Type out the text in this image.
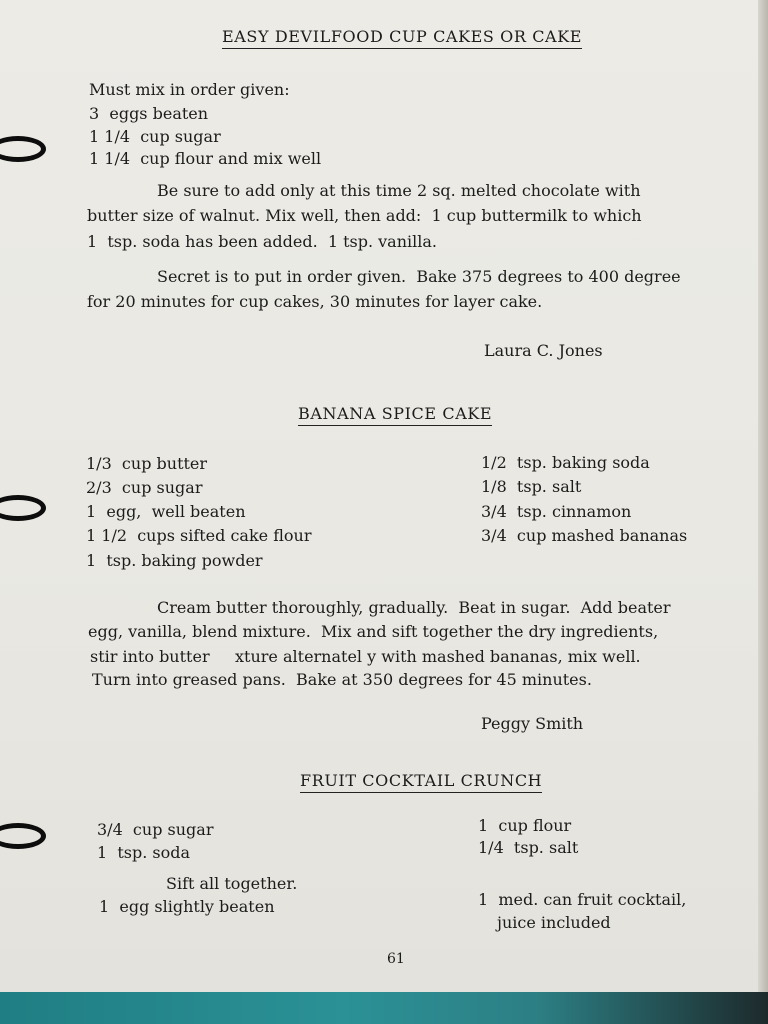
EASY DEVILFOOD CUP CAKES OR CAKE
Must mix in order given:
3  eggs beaten
1 1/4  cup sugar
1 1/4  cup flour and mix well
Be sure to add only at this time 2 sq. melted chocolate with
butter size of walnut. Mix well, then add:  1 cup buttermilk to which
1  tsp. soda has been added.  1 tsp. vanilla.
Secret is to put in order given.  Bake 375 degrees to 400 degree
for 20 minutes for cup cakes, 30 minutes for layer cake.
Laura C. Jones
BANANA SPICE CAKE
1/3  cup butter
2/3  cup sugar
1  egg,  well beaten
1 1/2  cups sifted cake flour
1  tsp. baking powder
1/2  tsp. baking soda
1/8  tsp. salt
3/4  tsp. cinnamon
3/4  cup mashed bananas
Cream butter thoroughly, gradually.  Beat in sugar.  Add beater
egg, vanilla, blend mixture.  Mix and sift together the dry ingredients,
stir into butter     xture alternatel y with mashed bananas, mix well.
Turn into greased pans.  Bake at 350 degrees for 45 minutes.
Peggy Smith
FRUIT COCKTAIL CRUNCH
3/4  cup sugar
1  tsp. soda
1  cup flour
1/4  tsp. salt
Sift all together.
1  egg slightly beaten	1  med. can fruit cocktail,
juice included
61
